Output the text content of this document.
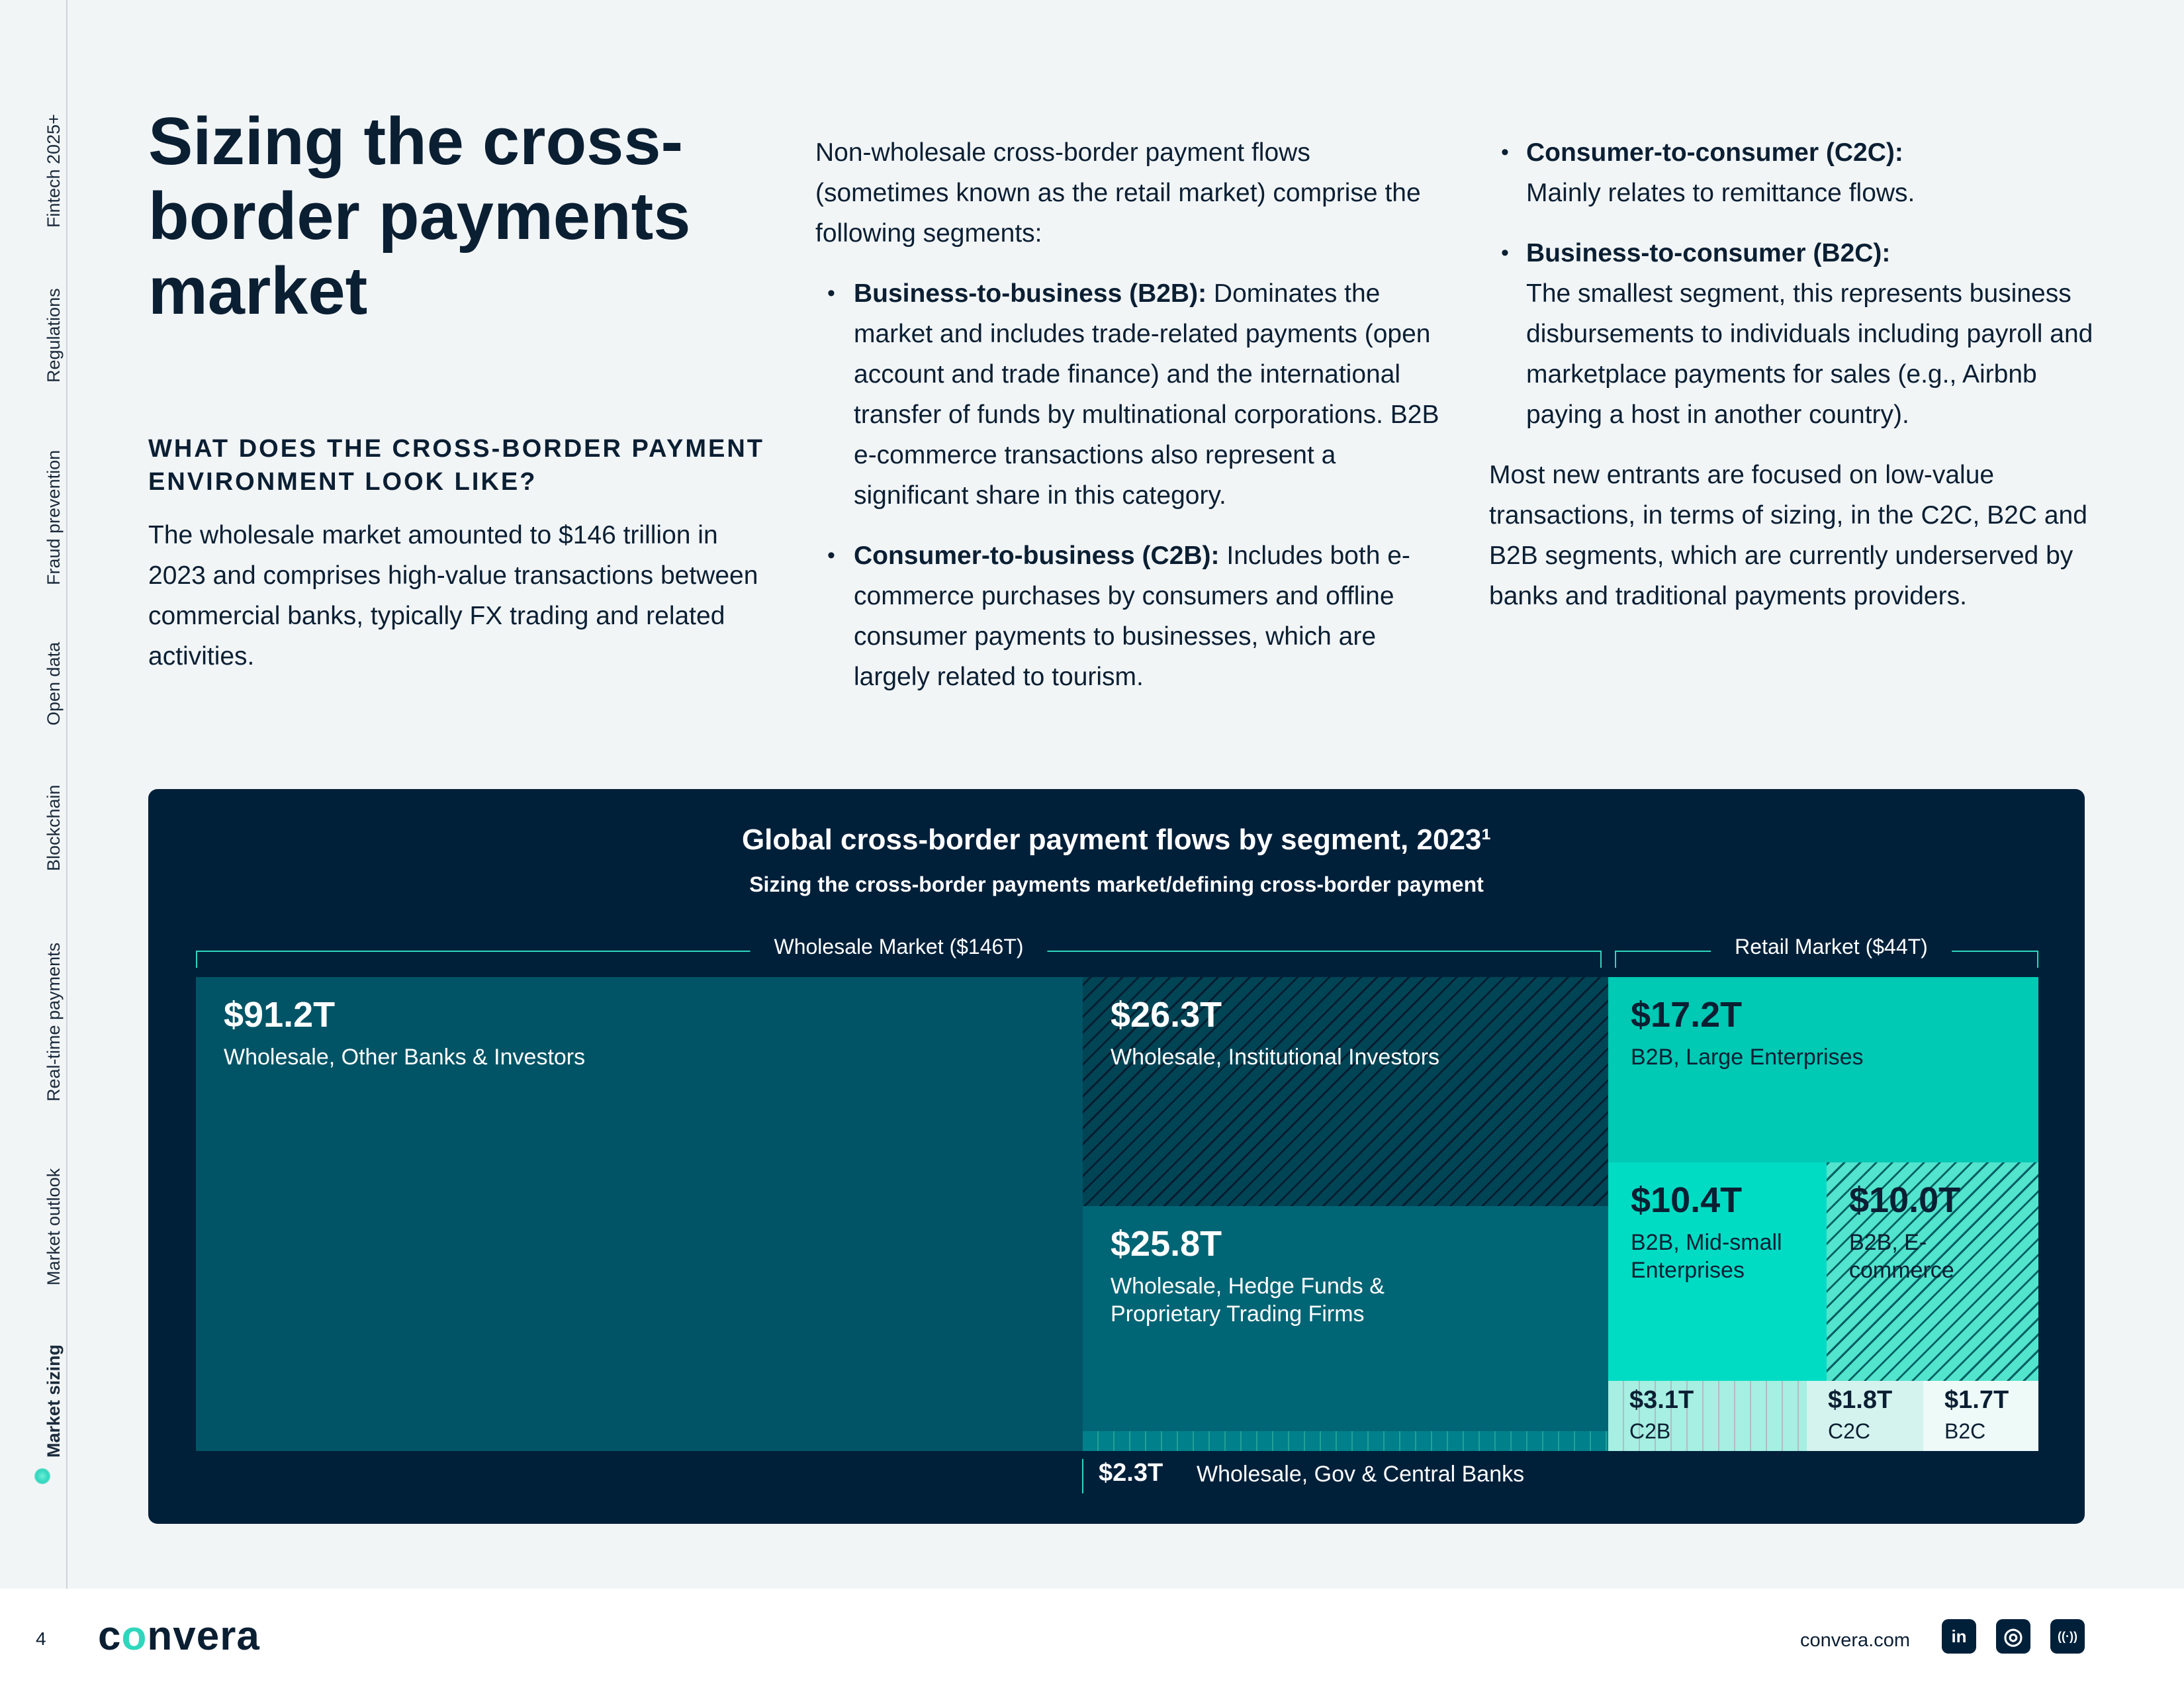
Fintech 2025+
Regulations
Fraud prevention
Open data
Blockchain
Real-time payments
Market outlook
Market sizing
Sizing the cross-border payments market
WHAT DOES THE CROSS-BORDER PAYMENT ENVIRONMENT LOOK LIKE?

The wholesale market amounted to $146 trillion in 2023 and comprises high-value transactions between commercial banks, typically FX trading and related activities.

Non-wholesale cross-border payment flows (sometimes known as the retail market) comprise the following segments:

• Business-to-business (B2B): Dominates the market and includes trade-related payments (open account and trade finance) and the international transfer of funds by multinational corporations. B2B e-commerce transactions also represent a significant share in this category.
• Consumer-to-business (C2B): Includes both e-commerce purchases by consumers and offline consumer payments to businesses, which are largely related to tourism.
• Consumer-to-consumer (C2C):
Mainly relates to remittance flows.
• Business-to-consumer (B2C):
The smallest segment, this represents business disbursements to individuals including payroll and marketplace payments for sales (e.g., Airbnb paying a host in another country).

Most new entrants are focused on low-value transactions, in terms of sizing, in the C2C, B2C and B2B segments, which are currently underserved by banks and traditional payments providers.

Global cross-border payment flows by segment, 2023¹
Sizing the cross-border payments market/defining cross-border payment
Wholesale Market ($146T)	Retail Market ($44T)
$91.2T
Wholesale, Other Banks & Investors
$26.3T
Wholesale, Institutional Investors
$25.8T
Wholesale, Hedge Funds & Proprietary Trading Firms
$17.2T
B2B, Large Enterprises
$10.4T
B2B, Mid-small Enterprises
$10.0T
B2B, E-commerce
$3.1T
C2B
$1.8T
C2C
$1.7T
B2C
$2.3T Wholesale, Gov & Central Banks
4 convera	convera.com	in	◎	((·))
